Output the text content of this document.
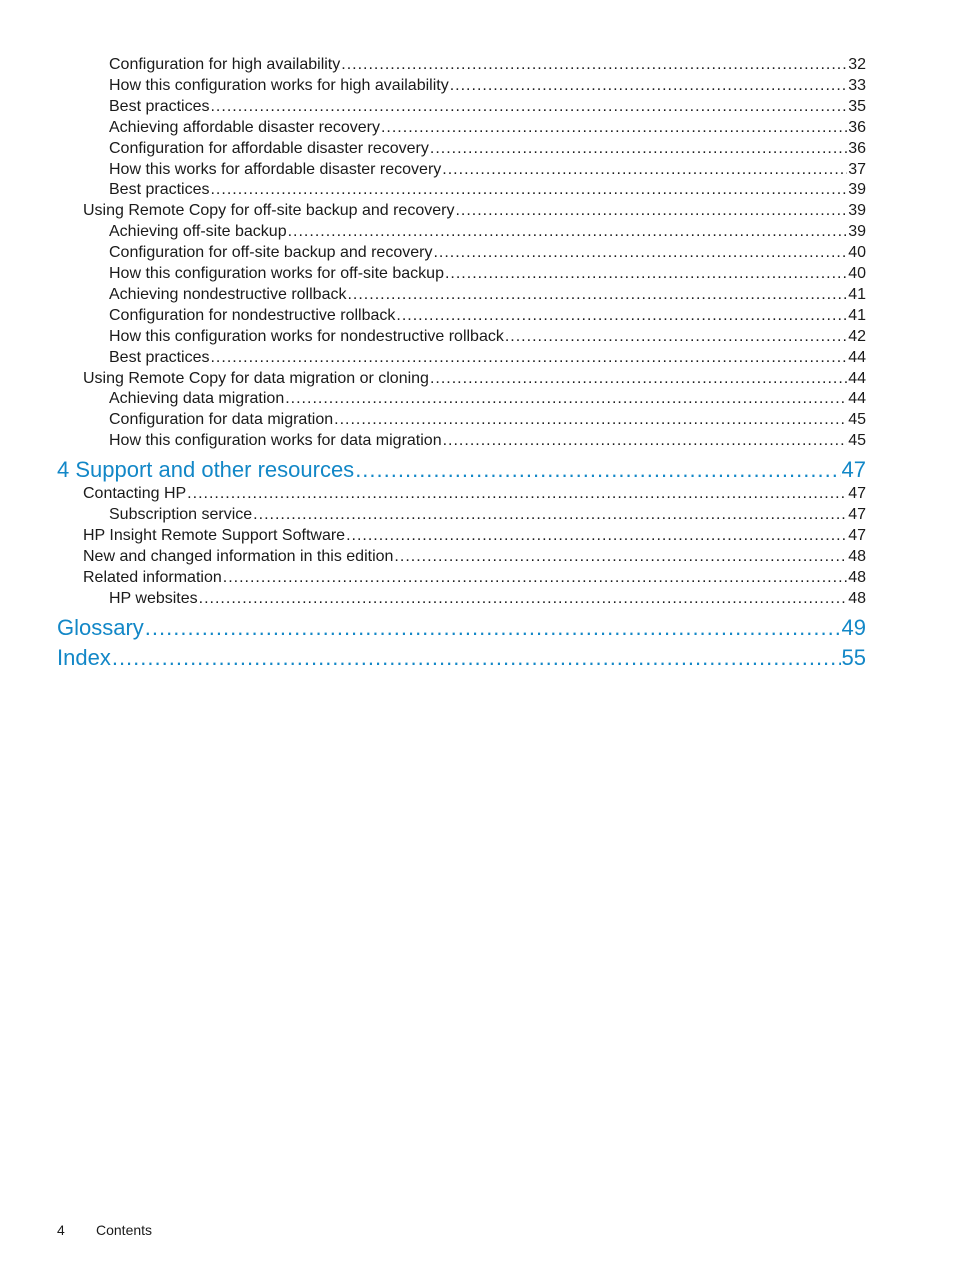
Configuration for high availability .....	32
How this configuration works for high availability .....	33
Best practices .....	35
Achieving affordable disaster recovery .....	36
Configuration for affordable disaster recovery .....	36
How this works for affordable disaster recovery .....	37
Best practices .....	39
Using Remote Copy for off-site backup and recovery .....	39
Achieving off-site backup .....	39
Configuration for off-site backup and recovery .....	40
How this configuration works for off-site backup .....	40
Achieving nondestructive rollback .....	41
Configuration for nondestructive rollback .....	41
How this configuration works for nondestructive rollback .....	42
Best practices .....	44
Using Remote Copy for data migration or cloning .....	44
Achieving data migration .....	44
Configuration for data migration .....	45
How this configuration works for data migration .....	45
4 Support and other resources .....	47
Contacting HP .....	47
Subscription service .....	47
HP Insight Remote Support Software .....	47
New and changed information in this edition .....	48
Related information .....	48
HP websites .....	48
Glossary .....	49
Index .....	55
4 Contents
